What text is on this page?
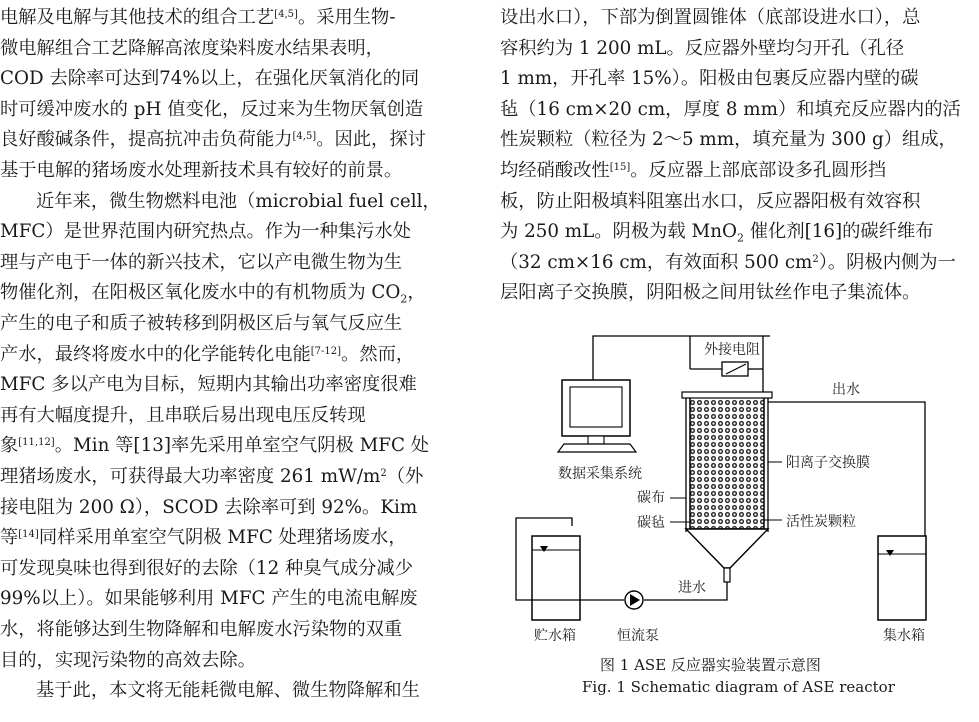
电解及电解与其他技术的组合工艺[4,5]。采用生物-
微电解组合工艺降解高浓度染料废水结果表明，
COD 去除率可达到74%以上，在强化厌氧消化的同
时可缓冲废水的 pH 值变化，反过来为生物厌氧创造
良好酸碱条件，提高抗冲击负荷能力[4,5]。因此，探讨
基于电解的猪场废水处理新技术具有较好的前景。
近年来，微生物燃料电池（microbial fuel cell，
MFC）是世界范围内研究热点。作为一种集污水处
理与产电于一体的新兴技术，它以产电微生物为生
物催化剂，在阳极区氧化废水中的有机物质为 $CO_2$，
产生的电子和质子被转移到阴极区后与氧气反应生
产水，最终将废水中的化学能转化电能[7-12]。然而，
MFC 多以产电为目标，短期内其输出功率密度很难
再有大幅度提升，且串联后易出现电压反转现
象[11,12]。Min 等[13]率先采用单室空气阴极 MFC 处
理猪场废水，可获得最大功率密度 261 $mW/m^2$（外
接电阻为 200 Ω），SCOD 去除率可到 92%。Kim
等[14]同样采用单室空气阴极 MFC 处理猪场废水，
可发现臭味也得到很好的去除（12 种臭气成分减少
99%以上）。如果能够利用 MFC 产生的电流电解废
水，将能够达到生物降解和电解废水污染物的双重
目的，实现污染物的高效去除。
基于此，本文将无能耗微电解、微生物降解和生
设出水口），下部为倒置圆锥体（底部设进水口），总
容积约为 1 200 mL。反应器外壁均匀开孔（孔径
1 mm，开孔率 15%）。阳极由包裹反应器内壁的碳
毡（16 cm×20 cm，厚度 8 mm）和填充反应器内的活
性炭颗粒（粒径为 2～5 mm，填充量为 300 g）组成，
均经硝酸改性[15]。反应器上部底部设多孔圆形挡
板，防止阳极填料阻塞出水口，反应器阳极有效容积
为 250 mL。阴极为载 MnO$_2$ 催化剂[16]的碳纤维布
（32 cm×16 cm，有效面积 500 $cm^2$）。阴极内侧为一
层阳离子交换膜，阴阳极之间用钛丝作电子集流体。
外接电阻
数据采集系统
出水
阳离子交换膜
碳布
碳毡	活性炭颗粒
贮水箱	恒流泵
进水
集水箱
图 1 ASE 反应器实验装置示意图
Fig. 1 Schematic diagram of ASE reactor
